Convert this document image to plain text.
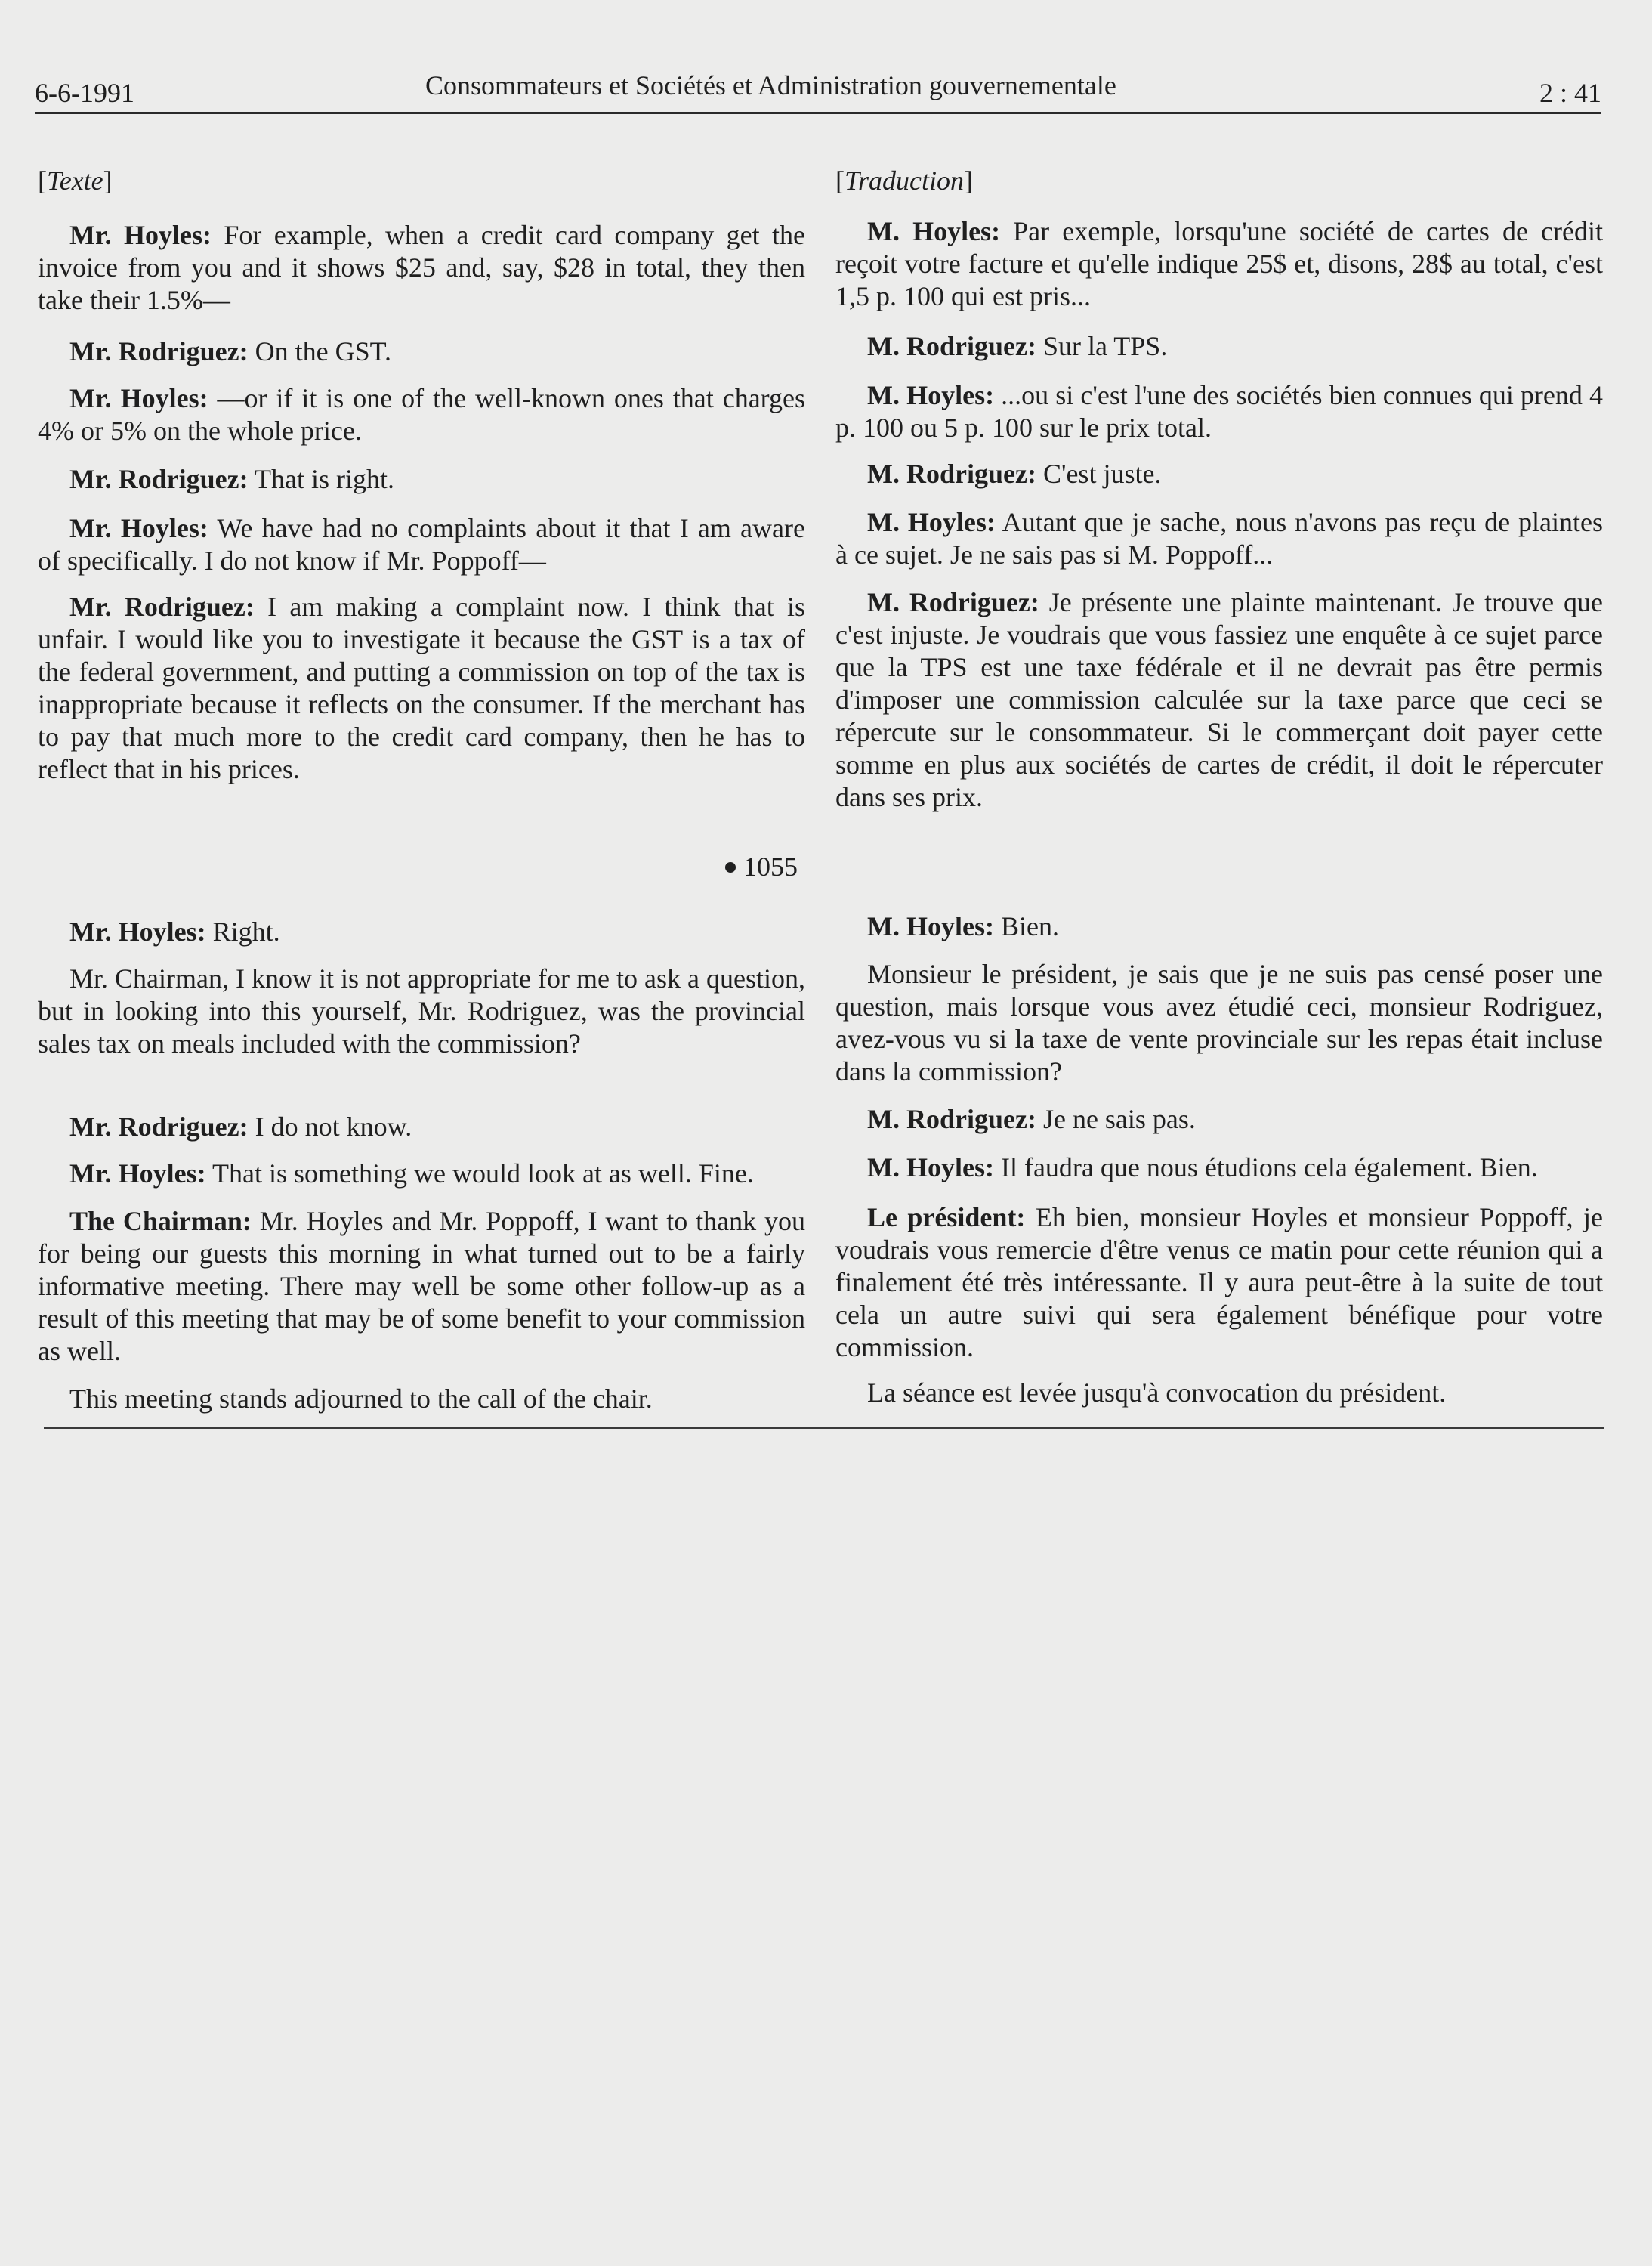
6-6-1991	Consommateurs et Sociétés et Administration gouvernementale	2 : 41

[Texte]

Mr. Hoyles: For example, when a credit card company get the invoice from you and it shows $25 and, say, $28 in total, they then take their 1.5%—

Mr. Rodriguez: On the GST.

Mr. Hoyles: —or if it is one of the well-known ones that charges 4% or 5% on the whole price.

Mr. Rodriguez: That is right.

Mr. Hoyles: We have had no complaints about it that I am aware of specifically. I do not know if Mr. Poppoff—

Mr. Rodriguez: I am making a complaint now. I think that is unfair. I would like you to investigate it because the GST is a tax of the federal government, and putting a commission on top of the tax is inappropriate because it reflects on the consumer. If the merchant has to pay that much more to the credit card company, then he has to reflect that in his prices.

Mr. Hoyles: Right.

Mr. Chairman, I know it is not appropriate for me to ask a question, but in looking into this yourself, Mr. Rodriguez, was the provincial sales tax on meals included with the commission?

Mr. Rodriguez: I do not know.

Mr. Hoyles: That is something we would look at as well. Fine.

The Chairman: Mr. Hoyles and Mr. Poppoff, I want to thank you for being our guests this morning in what turned out to be a fairly informative meeting. There may well be some other follow-up as a result of this meeting that may be of some benefit to your commission as well.

This meeting stands adjourned to the call of the chair.

1055

[Traduction]

M. Hoyles: Par exemple, lorsqu'une société de cartes de crédit reçoit votre facture et qu'elle indique 25$ et, disons, 28$ au total, c'est 1,5 p. 100 qui est pris...

M. Rodriguez: Sur la TPS.

M. Hoyles: ...ou si c'est l'une des sociétés bien connues qui prend 4 p. 100 ou 5 p. 100 sur le prix total.

M. Rodriguez: C'est juste.

M. Hoyles: Autant que je sache, nous n'avons pas reçu de plaintes à ce sujet. Je ne sais pas si M. Poppoff...

M. Rodriguez: Je présente une plainte maintenant. Je trouve que c'est injuste. Je voudrais que vous fassiez une enquête à ce sujet parce que la TPS est une taxe fédérale et il ne devrait pas être permis d'imposer une commission calculée sur la taxe parce que ceci se répercute sur le consommateur. Si le commerçant doit payer cette somme en plus aux sociétés de cartes de crédit, il doit le répercuter dans ses prix.

M. Hoyles: Bien.

Monsieur le président, je sais que je ne suis pas censé poser une question, mais lorsque vous avez étudié ceci, monsieur Rodriguez, avez-vous vu si la taxe de vente provinciale sur les repas était incluse dans la commission?

M. Rodriguez: Je ne sais pas.

M. Hoyles: Il faudra que nous étudions cela également. Bien.

Le président: Eh bien, monsieur Hoyles et monsieur Poppoff, je voudrais vous remercie d'être venus ce matin pour cette réunion qui a finalement été très intéressante. Il y aura peut-être à la suite de tout cela un autre suivi qui sera également bénéfique pour votre commission.

La séance est levée jusqu'à convocation du président.
